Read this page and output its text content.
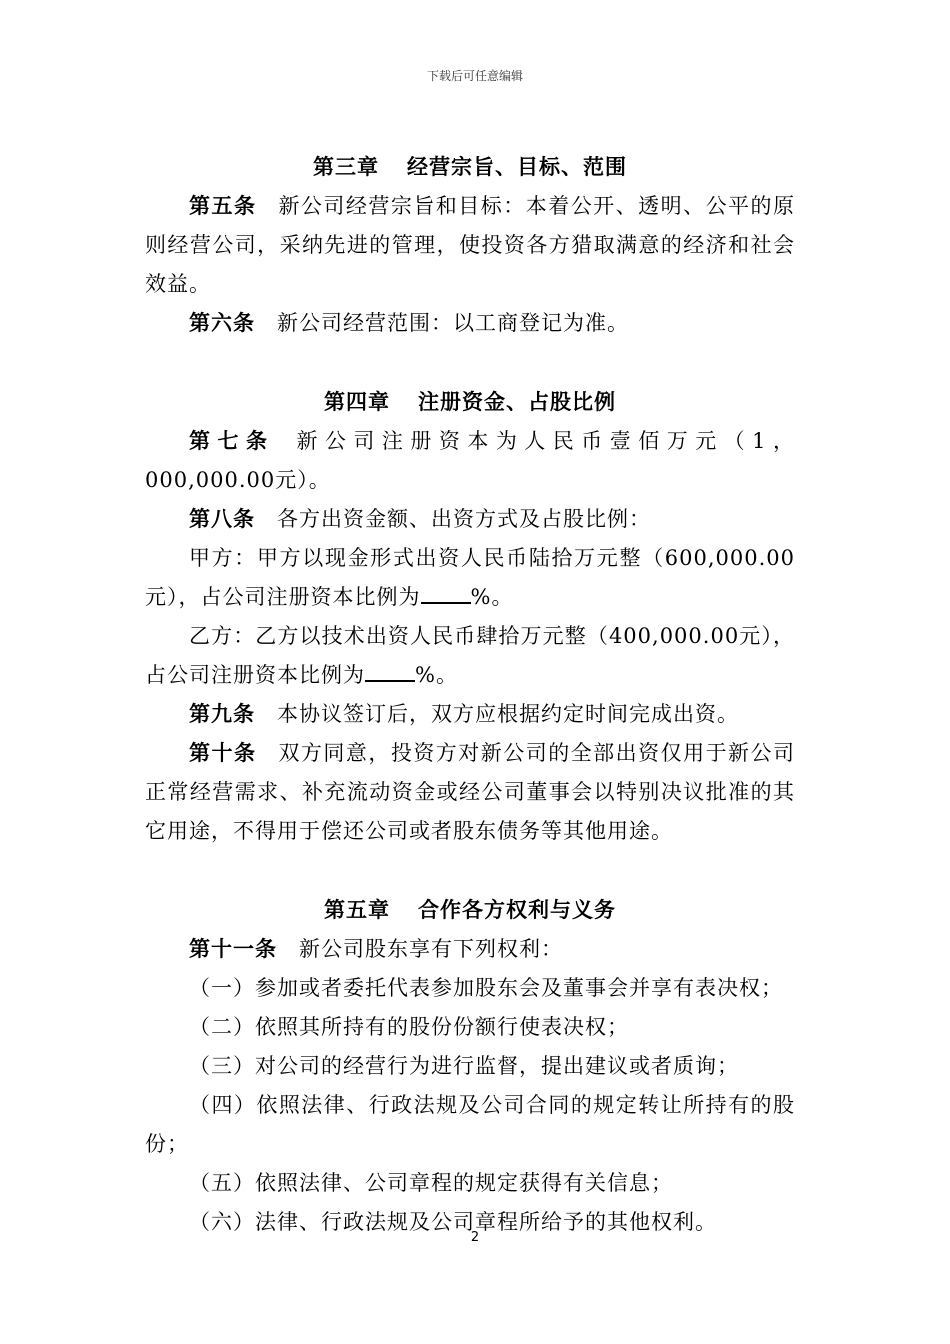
下载后可任意编辑
第三章 经营宗旨、目标、范围

第五条 新公司经营宗旨和目标：本着公开、透明、公平的原则经营公司，采纳先进的管理，使投资各方猎取满意的经济和社会效益。

第六条 新公司经营范围：以工商登记为准。

第四章 注册资金、占股比例

第七条 新公司注册资本为人民币壹佰万元（1，000,000.00元）。

第八条 各方出资金额、出资方式及占股比例：

甲方：甲方以现金形式出资人民币陆拾万元整（600,000.00元），占公司注册资本比例为 %。

乙方：乙方以技术出资人民币肆拾万元整（400,000.00元），占公司注册资本比例为 %。

第九条 本协议签订后，双方应根据约定时间完成出资。

第十条 双方同意，投资方对新公司的全部出资仅用于新公司正常经营需求、补充流动资金或经公司董事会以特别决议批准的其它用途，不得用于偿还公司或者股东债务等其他用途。

第五章 合作各方权利与义务

第十一条 新公司股东享有下列权利：

（一）参加或者委托代表参加股东会及董事会并享有表决权；

（二）依照其所持有的股份份额行使表决权；

（三）对公司的经营行为进行监督，提出建议或者质询；

（四）依照法律、行政法规及公司合同的规定转让所持有的股份；

（五）依照法律、公司章程的规定获得有关信息；

（六）法律、行政法规及公司章程所给予的其他权利。

2
